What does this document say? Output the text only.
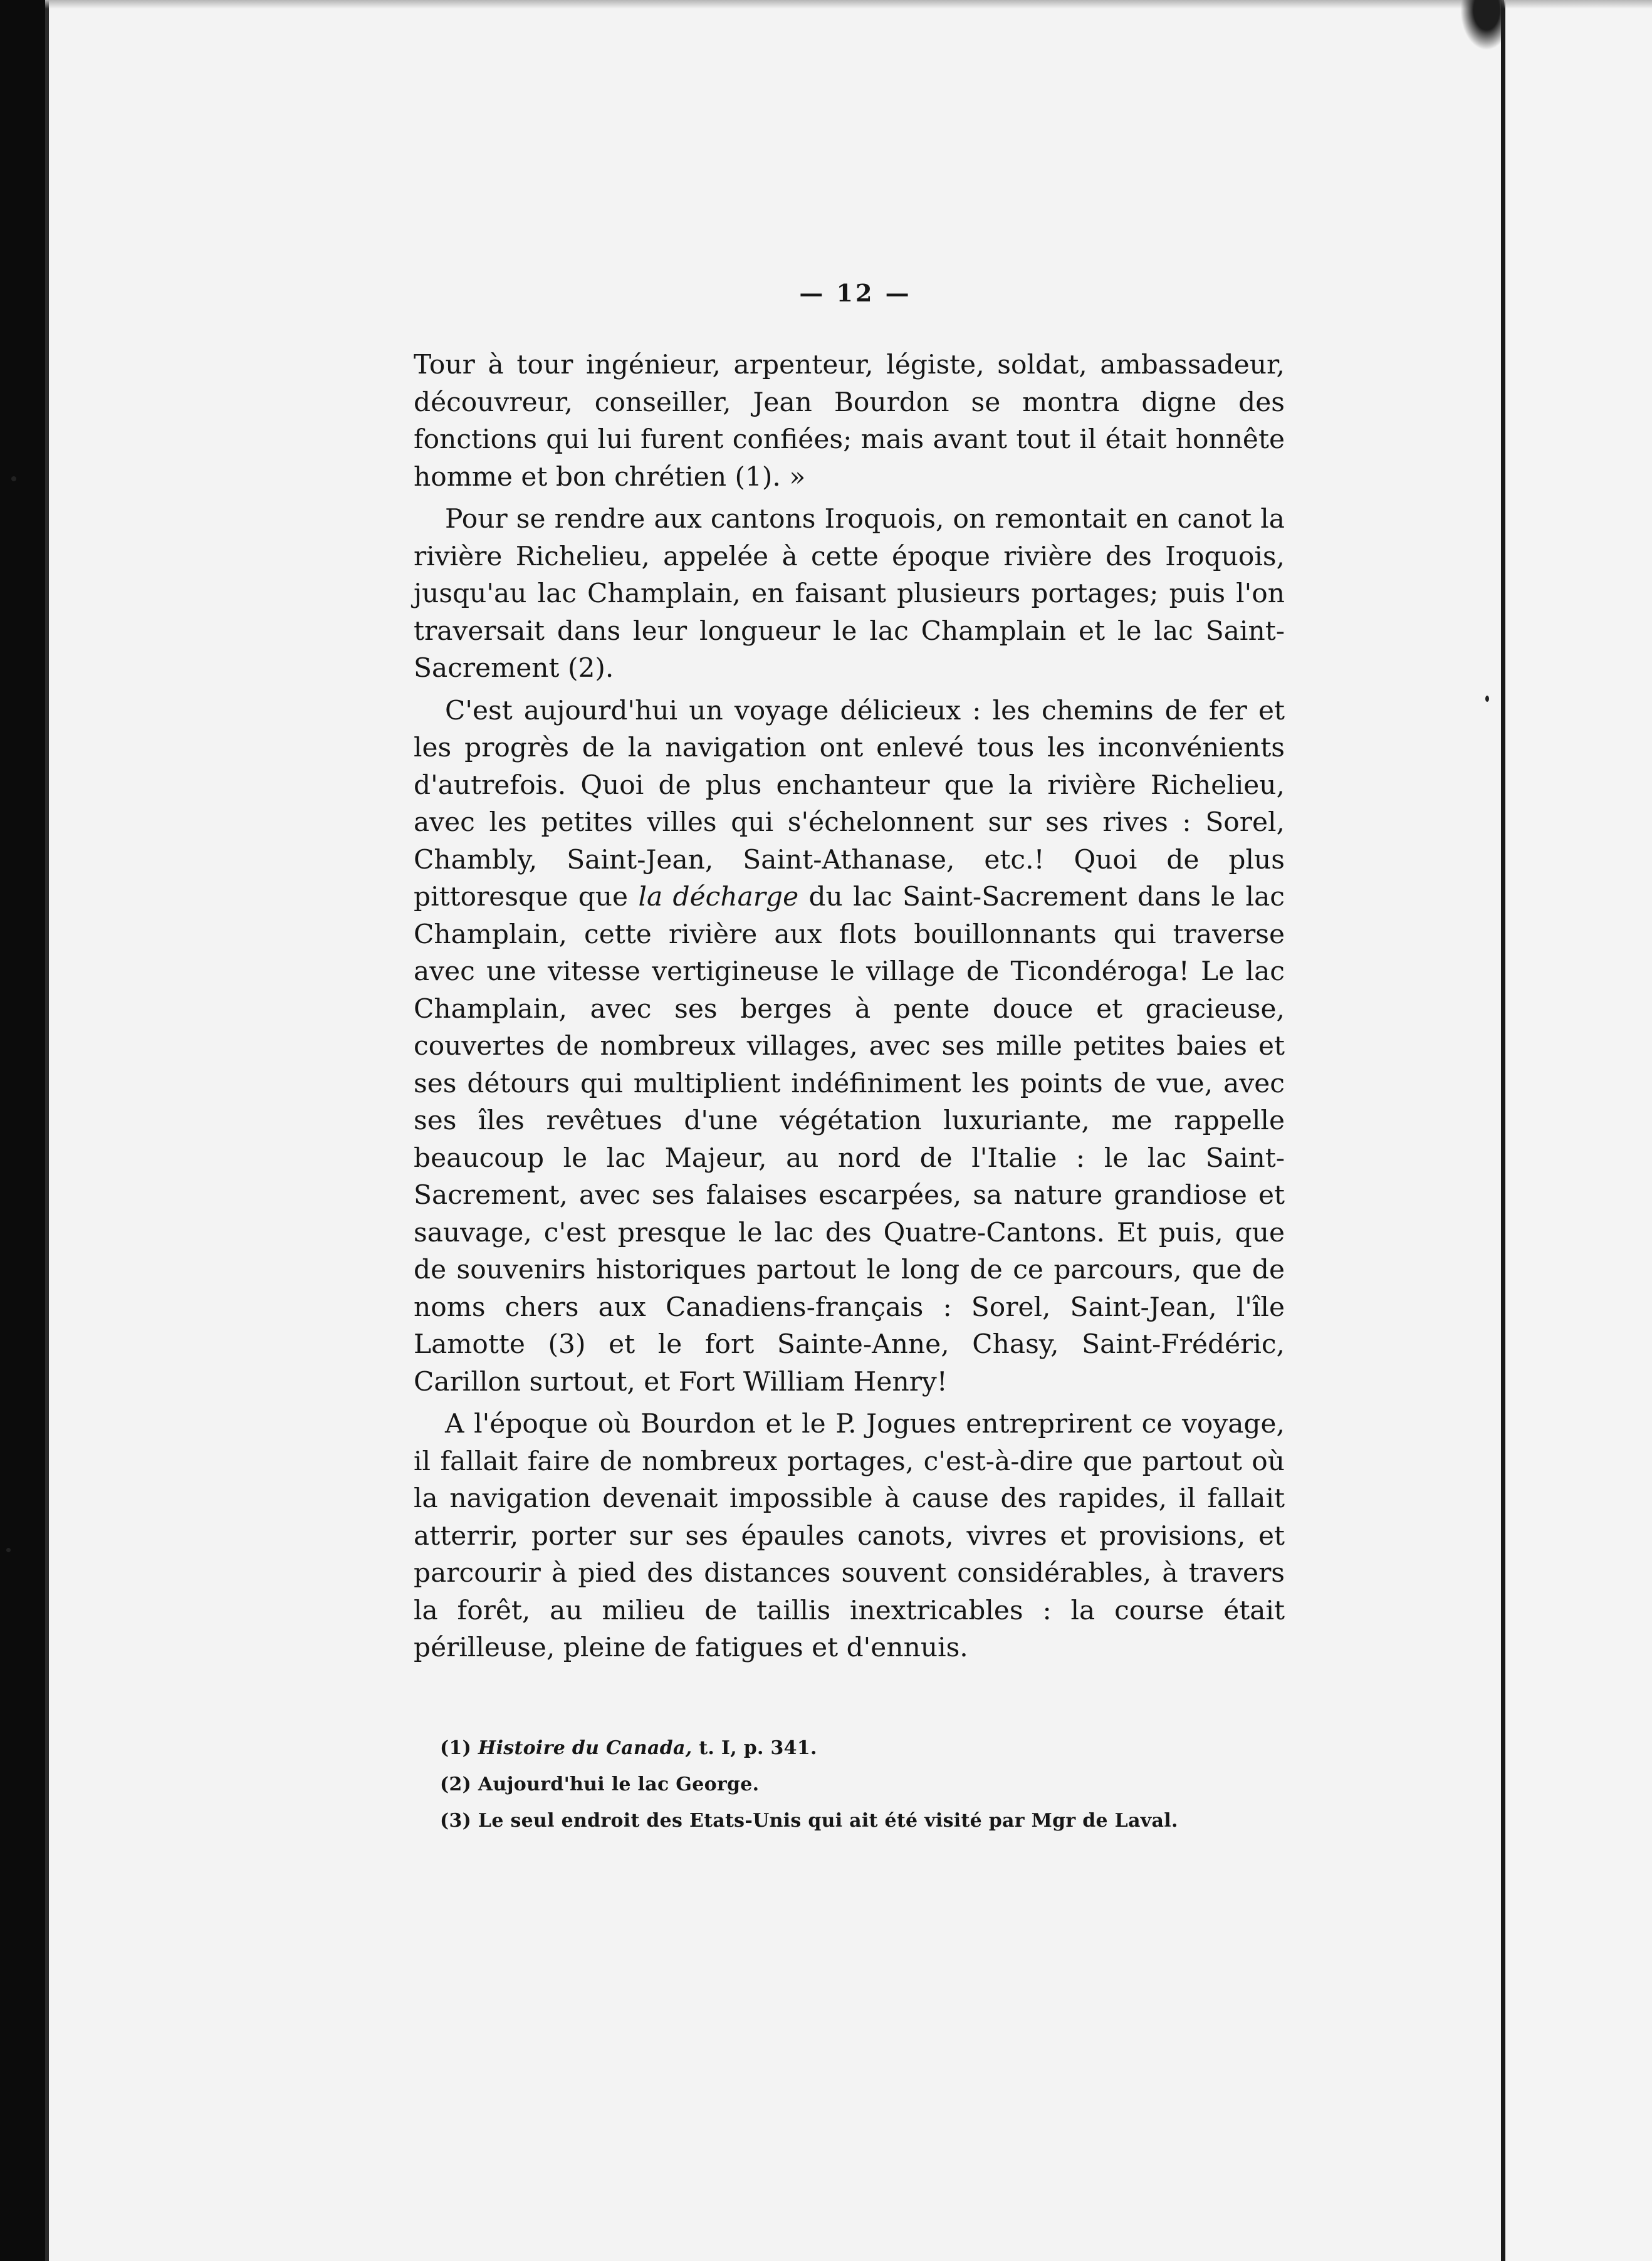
— 12 —

Tour à tour ingénieur, arpenteur, légiste, soldat, ambassadeur, découvreur, conseiller, Jean Bourdon se montra digne des fonctions qui lui furent confiées; mais avant tout il était honnête homme et bon chrétien (1). »

Pour se rendre aux cantons Iroquois, on remontait en canot la rivière Richelieu, appelée à cette époque rivière des Iroquois, jusqu'au lac Champlain, en faisant plusieurs portages; puis l'on traversait dans leur longueur le lac Champlain et le lac Saint-Sacrement (2).

C'est aujourd'hui un voyage délicieux : les chemins de fer et les progrès de la navigation ont enlevé tous les inconvénients d'autrefois. Quoi de plus enchanteur que la rivière Richelieu, avec les petites villes qui s'échelonnent sur ses rives : Sorel, Chambly, Saint-Jean, Saint-Athanase, etc.! Quoi de plus pittoresque que la décharge du lac Saint-Sacrement dans le lac Champlain, cette rivière aux flots bouillonnants qui traverse avec une vitesse vertigineuse le village de Ticondéroga! Le lac Champlain, avec ses berges à pente douce et gracieuse, couvertes de nombreux villages, avec ses mille petites baies et ses détours qui multiplient indéfiniment les points de vue, avec ses îles revêtues d'une végétation luxuriante, me rappelle beaucoup le lac Majeur, au nord de l'Italie : le lac Saint-Sacrement, avec ses falaises escarpées, sa nature grandiose et sauvage, c'est presque le lac des Quatre-Cantons. Et puis, que de souvenirs historiques partout le long de ce parcours, que de noms chers aux Canadiens-français : Sorel, Saint-Jean, l'île Lamotte (3) et le fort Sainte-Anne, Chasy, Saint-Frédéric, Carillon surtout, et Fort William Henry!

A l'époque où Bourdon et le P. Jogues entreprirent ce voyage, il fallait faire de nombreux portages, c'est-à-dire que partout où la navigation devenait impossible à cause des rapides, il fallait atterrir, porter sur ses épaules canots, vivres et provisions, et parcourir à pied des distances souvent considérables, à travers la forêt, au milieu de taillis inextricables : la course était périlleuse, pleine de fatigues et d'ennuis.

(1) Histoire du Canada, t. I, p. 341.
(2) Aujourd'hui le lac George.
(3) Le seul endroit des Etats-Unis qui ait été visité par Mgr de Laval.
